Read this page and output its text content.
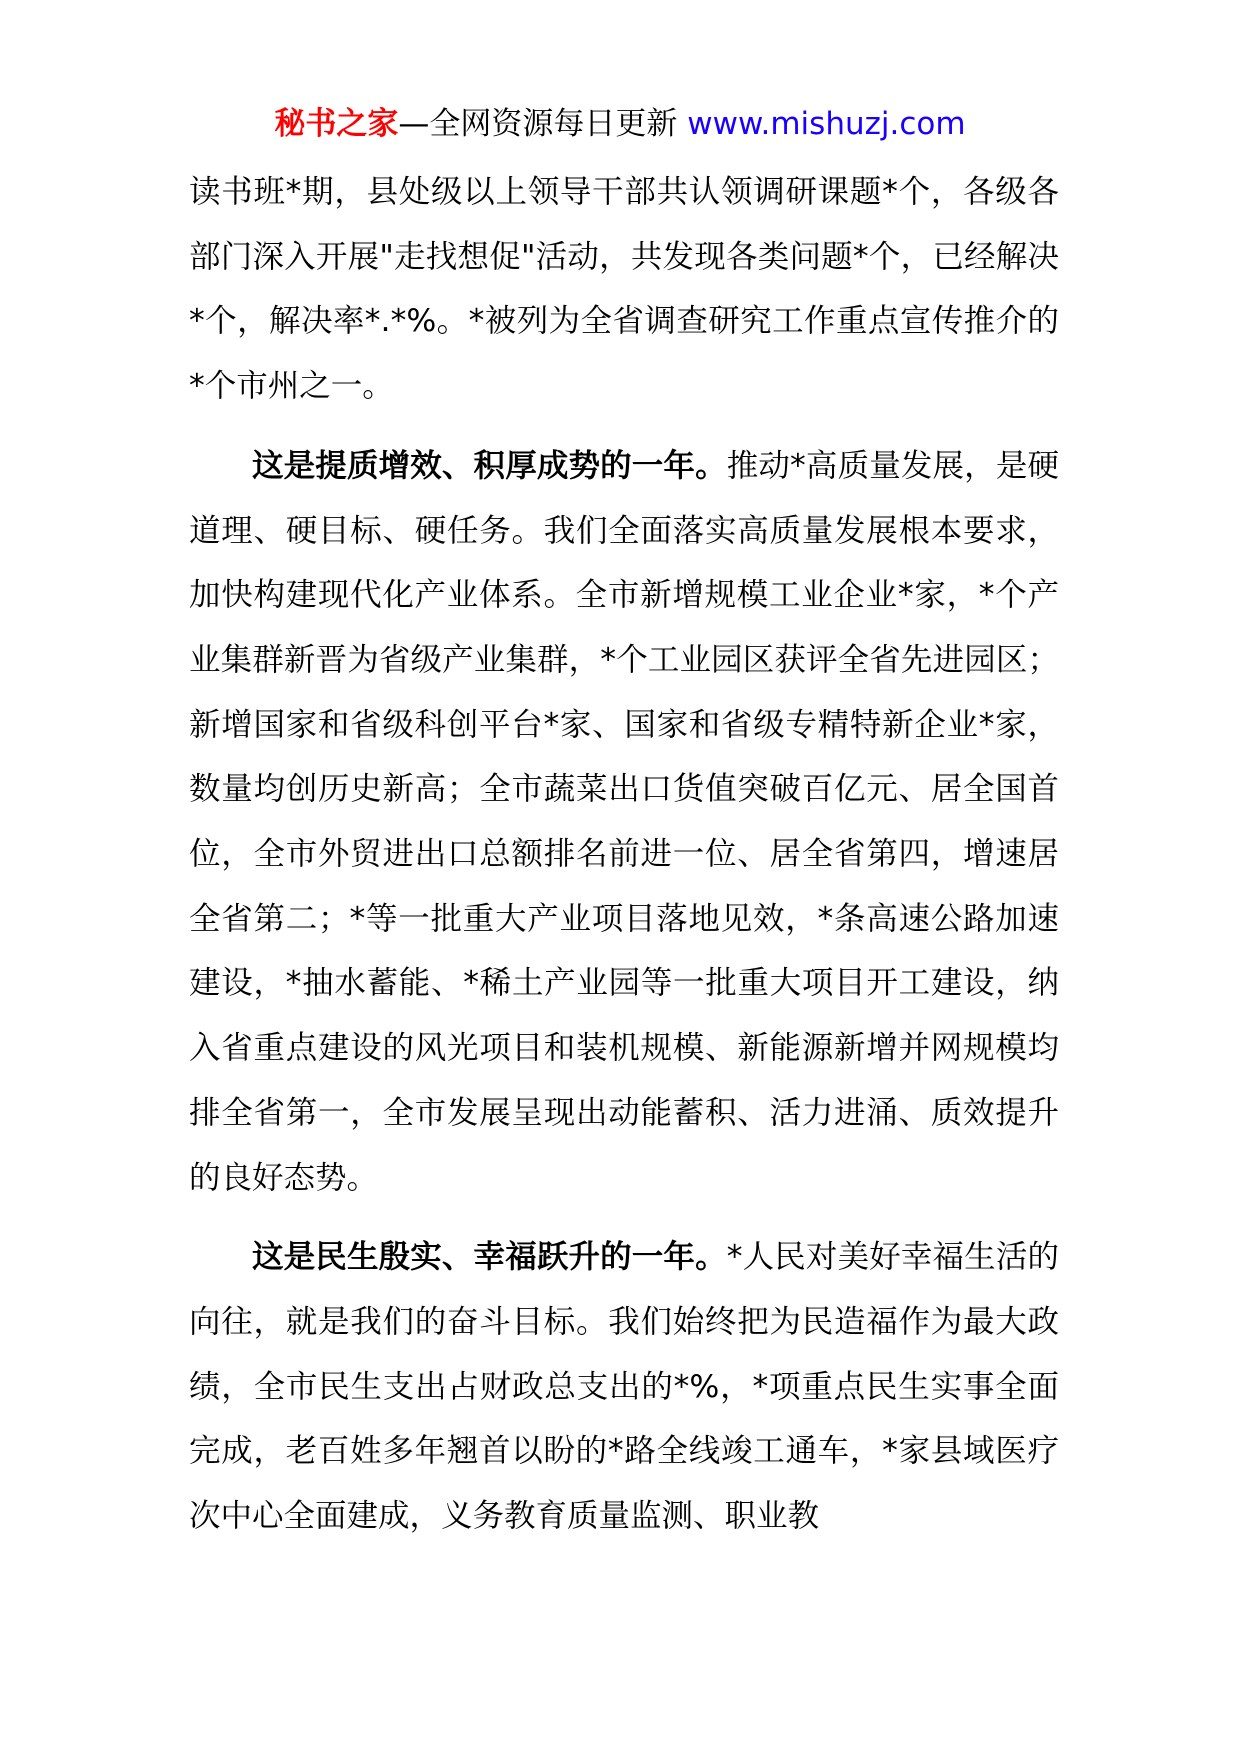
秘书之家—全网资源每日更新 www.mishuzj.com

读书班*期，县处级以上领导干部共认领调研课题*个，各级各部门深入开展"走找想促"活动，共发现各类问题*个，已经解决*个，解决率*.*%。*被列为全省调查研究工作重点宣传推介的*个市州之一。

这是提质增效、积厚成势的一年。推动*高质量发展，是硬道理、硬目标、硬任务。我们全面落实高质量发展根本要求，加快构建现代化产业体系。全市新增规模工业企业*家，*个产业集群新晋为省级产业集群，*个工业园区获评全省先进园区；新增国家和省级科创平台*家、国家和省级专精特新企业*家，数量均创历史新高；全市蔬菜出口货值突破百亿元、居全国首位，全市外贸进出口总额排名前进一位、居全省第四，增速居全省第二；*等一批重大产业项目落地见效，*条高速公路加速建设，*抽水蓄能、*稀土产业园等一批重大项目开工建设，纳入省重点建设的风光项目和装机规模、新能源新增并网规模均排全省第一，全市发展呈现出动能蓄积、活力进涌、质效提升的良好态势。

这是民生殷实、幸福跃升的一年。*人民对美好幸福生活的向往，就是我们的奋斗目标。我们始终把为民造福作为最大政绩，全市民生支出占财政总支出的*%，*项重点民生实事全面完成，老百姓多年翘首以盼的*路全线竣工通车，*家县域医疗次中心全面建成，义务教育质量监测、职业教
